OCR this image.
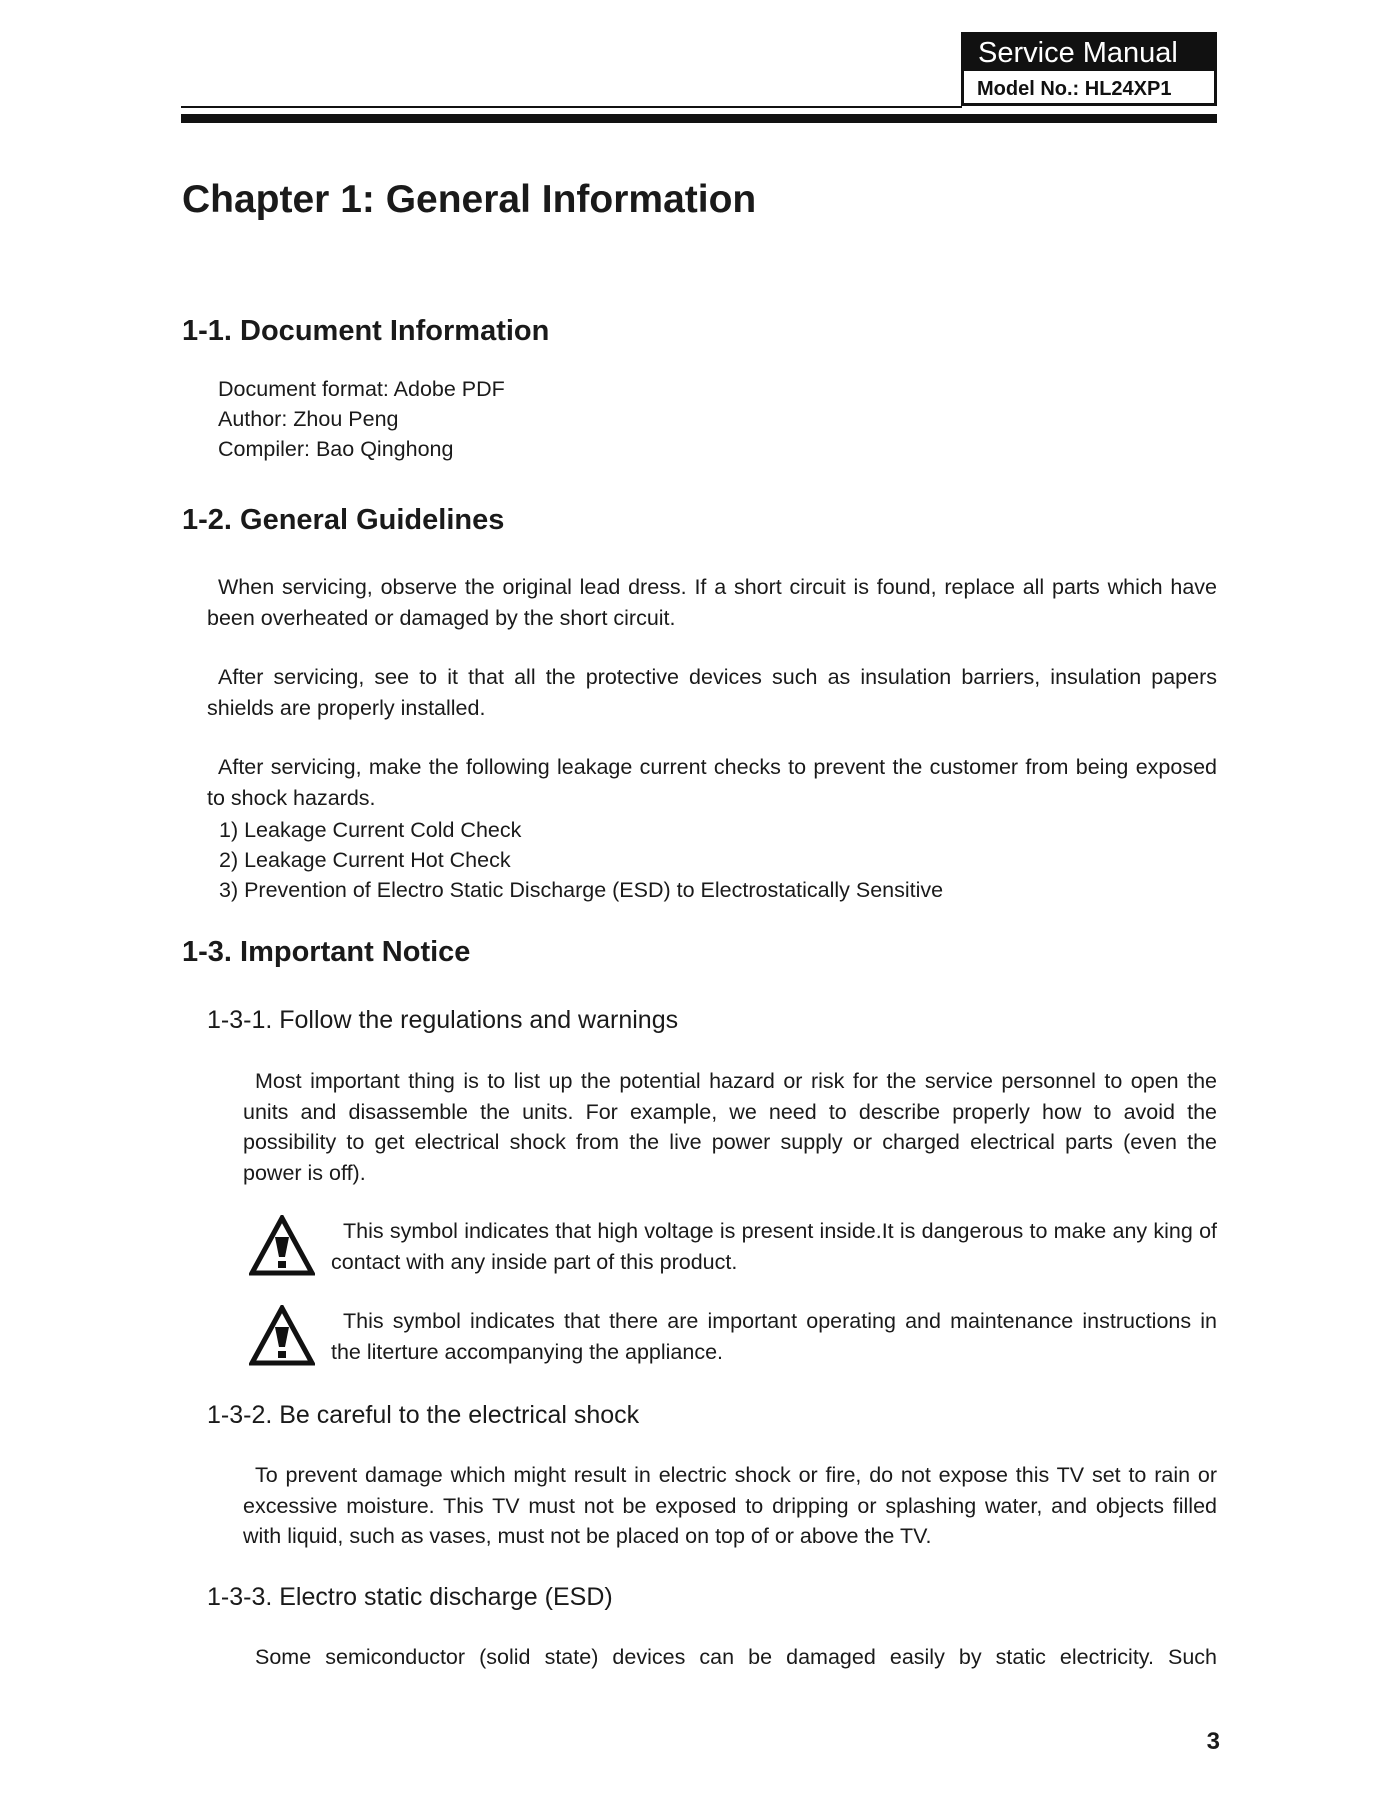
Service Manual
Model No.: HL24XP1
Chapter 1: General Information
1-1. Document Information
Document format: Adobe PDF
Author: Zhou Peng
Compiler: Bao Qinghong
1-2. General Guidelines
When servicing, observe the original lead dress. If a short circuit is found, replace all parts which have been overheated or damaged by the short circuit.
After servicing, see to it that all the protective devices such as insulation barriers, insulation papers shields are properly installed.
After servicing, make the following leakage current checks to prevent the customer from being exposed to shock hazards.
1) Leakage Current Cold Check
2) Leakage Current Hot Check
3) Prevention of Electro Static Discharge (ESD) to Electrostatically Sensitive
1-3. Important Notice
1-3-1. Follow the regulations and warnings
Most important thing is to list up the potential hazard or risk for the service personnel to open the units and disassemble the units. For example, we need to describe properly how to avoid the possibility to get electrical shock from the live power supply or charged electrical parts (even the power is off).
This symbol indicates that high voltage is present inside.It is dangerous to make any king of contact with any inside part of this product.
This symbol indicates that there are important operating and maintenance instructions in the literture accompanying the appliance.
1-3-2. Be careful to the electrical shock
To prevent damage which might result in electric shock or fire, do not expose this TV set to rain or excessive moisture. This TV must not be exposed to dripping or splashing water, and objects filled with liquid, such as vases, must not be placed on top of or above the TV.
1-3-3. Electro static discharge (ESD)
Some semiconductor (solid state) devices can be damaged easily by static electricity. Such
3
